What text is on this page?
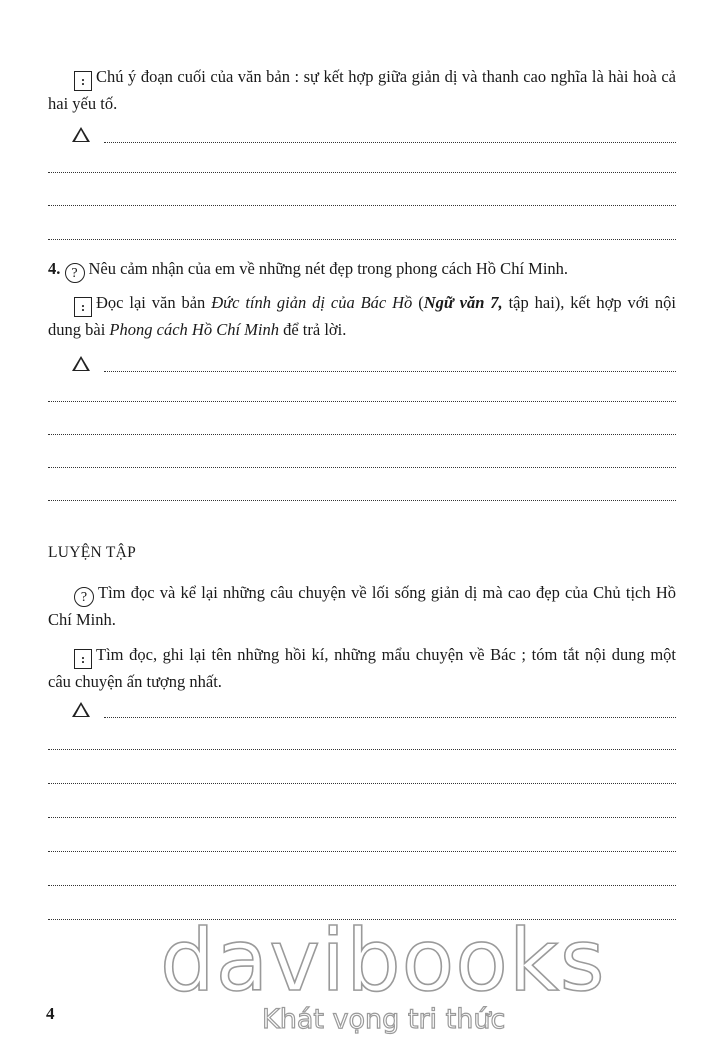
: Chú ý đoạn cuối của văn bản : sự kết hợp giữa giản dị và thanh cao nghĩa là hài hoà cả hai yếu tố.
4. ? Nêu cảm nhận của em về những nét đẹp trong phong cách Hồ Chí Minh.
: Đọc lại văn bản Đức tính giản dị của Bác Hồ (Ngữ văn 7, tập hai), kết hợp với nội dung bài Phong cách Hồ Chí Minh để trả lời.
LUYỆN TẬP
? Tìm đọc và kể lại những câu chuyện về lối sống giản dị mà cao đẹp của Chủ tịch Hồ Chí Minh.
: Tìm đọc, ghi lại tên những hồi kí, những mẩu chuyện về Bác ; tóm tắt nội dung một câu chuyện ấn tượng nhất.
davibooks
Khát vọng tri thức
4
